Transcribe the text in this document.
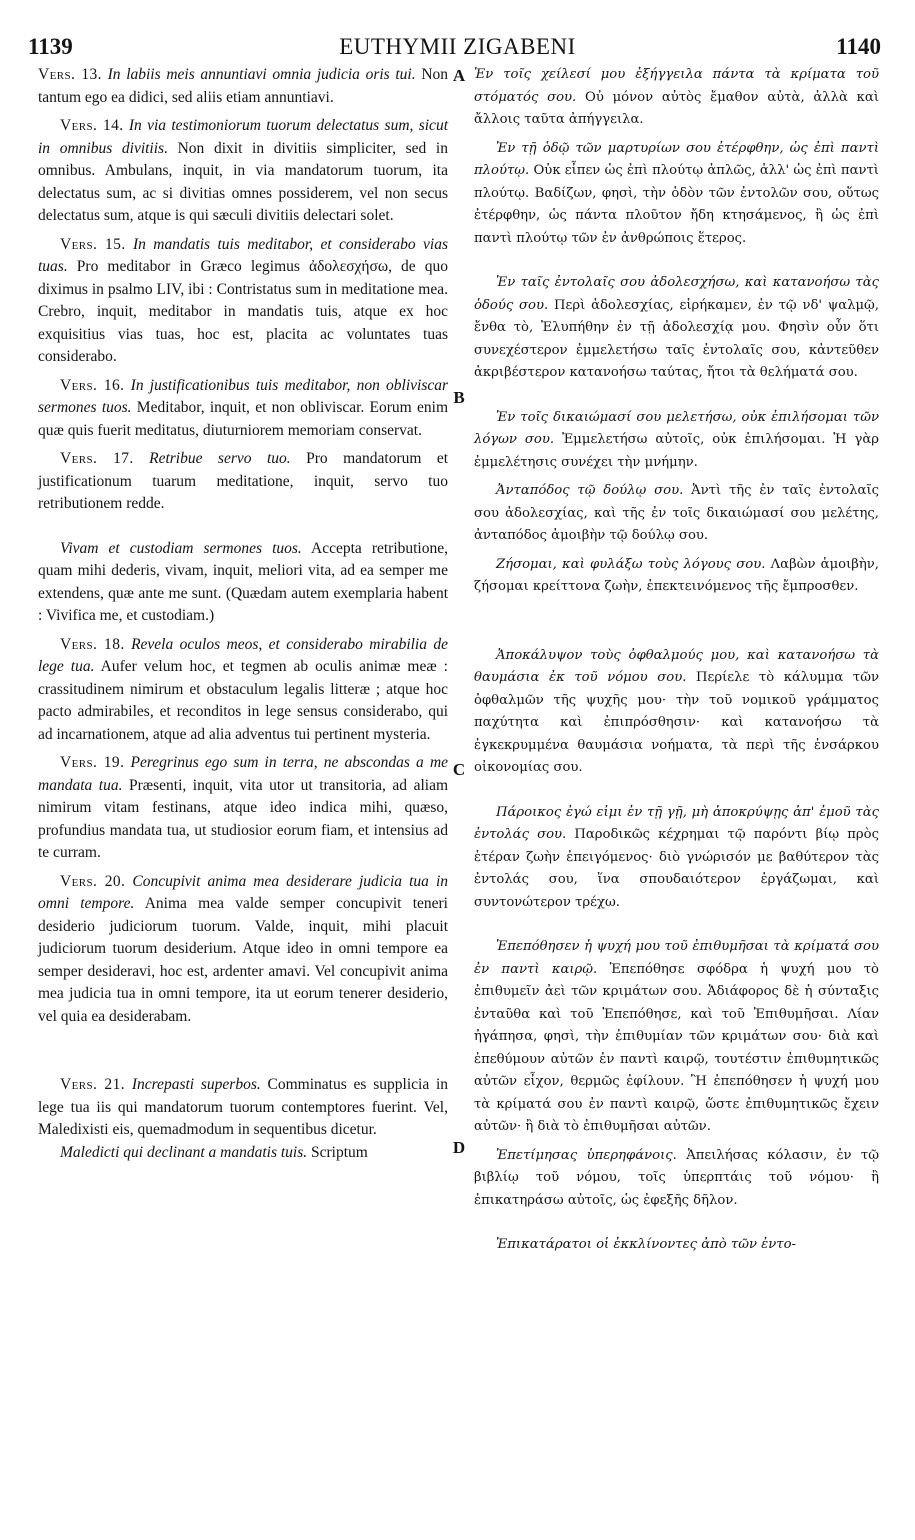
1139	EUTHYMII ZIGABENI	1140
A
B
C
D

Vers. 13. In labiis meis annuntiavi omnia judicia oris tui. Non tantum ego ea didici, sed aliis etiam annuntiavi.

Vers. 14. In via testimoniorum tuorum delectatus sum, sicut in omnibus divitiis. Non dixit in divitiis simpliciter, sed in omnibus. Ambulans, inquit, in via mandatorum tuorum, ita delectatus sum, ac si divitias omnes possiderem, vel non secus delectatus sum, atque is qui sæculi divitiis delectari solet.

Vers. 15. In mandatis tuis meditabor, et considerabo vias tuas. Pro meditabor in Græco legimus ἀδολεσχήσω, de quo diximus in psalmo LIV, ibi : Contristatus sum in meditatione mea. Crebro, inquit, meditabor in mandatis tuis, atque ex hoc exquisitius vias tuas, hoc est, placita ac voluntates tuas considerabo.

Vers. 16. In justificationibus tuis meditabor, non obliviscar sermones tuos. Meditabor, inquit, et non obliviscar. Eorum enim quæ quis fuerit meditatus, diuturniorem memoriam conservat.

Vers. 17. Retribue servo tuo. Pro mandatorum et justificationum tuarum meditatione, inquit, servo tuo retributionem redde.

Vivam et custodiam sermones tuos. Accepta retributione, quam mihi dederis, vivam, inquit, meliori vita, ad ea semper me extendens, quæ ante me sunt. (Quædam autem exemplaria habent : Vivifica me, et custodiam.)

Vers. 18. Revela oculos meos, et considerabo mirabilia de lege tua. Aufer velum hoc, et tegmen ab oculis animæ meæ : crassitudinem nimirum et obstaculum legalis litteræ ; atque hoc pacto admirabiles, et reconditos in lege sensus considerabo, qui ad incarnationem, atque ad alia adventus tui pertinent mysteria.

Vers. 19. Peregrinus ego sum in terra, ne abscondas a me mandata tua. Præsenti, inquit, vita utor ut transitoria, ad aliam nimirum vitam festinans, atque ideo indica mihi, quæso, profundius mandata tua, ut studiosior eorum fiam, et intensius ad te curram.

Vers. 20. Concupivit anima mea desiderare judicia tua in omni tempore. Anima mea valde semper concupivit teneri desiderio judiciorum tuorum. Valde, inquit, mihi placuit judiciorum tuorum desiderium. Atque ideo in omni tempore ea semper desideravi, hoc est, ardenter amavi. Vel concupivit anima mea judicia tua in omni tempore, ita ut eorum tenerer desiderio, vel quia ea desiderabam.

Vers. 21. Increpasti superbos. Comminatus es supplicia in lege tua iis qui mandatorum tuorum contemptores fuerint. Vel, Maledixisti eis, quemadmodum in sequentibus dicetur.

Maledicti qui declinant a mandatis tuis. Scriptum

Ἐν τοῖς χείλεσί μου ἐξήγγειλα πάντα τὰ κρίματα τοῦ στόματός σου. Οὐ μόνον αὐτὸς ἔμαθον αὐτὰ, ἀλλὰ καὶ ἄλλοις ταῦτα ἀπήγγειλα.

Ἐν τῇ ὁδῷ τῶν μαρτυρίων σου ἐτέρφθην, ὡς ἐπὶ παντὶ πλούτῳ. Οὐκ εἶπεν ὡς ἐπὶ πλούτῳ ἁπλῶς, ἀλλ' ὡς ἐπὶ παντὶ πλούτῳ. Βαδίζων, φησὶ, τὴν ὁδὸν τῶν ἐντολῶν σου, οὕτως ἐτέρφθην, ὡς πάντα πλοῦτον ἤδη κτησάμενος, ἢ ὡς ἐπὶ παντὶ πλούτῳ τῶν ἐν ἀνθρώποις ἕτερος.

Ἐν ταῖς ἐντολαῖς σου ἀδολεσχήσω, καὶ κατανοήσω τὰς ὁδούς σου. Περὶ ἀδολεσχίας, εἰρήκαμεν, ἐν τῷ νδ' ψαλμῷ, ἔνθα τὸ, Ἐλυπήθην ἐν τῇ ἀδολεσχίᾳ μου. Φησὶν οὖν ὅτι συνεχέστερον ἐμμελετήσω ταῖς ἐντολαῖς σου, κἀντεῦθεν ἀκριβέστερον κατανοήσω ταύτας, ἤτοι τὰ θελήματά σου.

Ἐν τοῖς δικαιώμασί σου μελετήσω, οὐκ ἐπιλήσομαι τῶν λόγων σου. Ἐμμελετήσω αὐτοῖς, οὐκ ἐπιλήσομαι. Ἡ γὰρ ἐμμελέτησις συνέχει τὴν μνήμην.

Ἀνταπόδος τῷ δούλῳ σου. Ἀντὶ τῆς ἐν ταῖς ἐντολαῖς σου ἀδολεσχίας, καὶ τῆς ἐν τοῖς δικαιώμασί σου μελέτης, ἀνταπόδος ἀμοιβὴν τῷ δούλῳ σου.

Ζήσομαι, καὶ φυλάξω τοὺς λόγους σου. Λαβὼν ἀμοιβὴν, ζήσομαι κρείττονα ζωὴν, ἐπεκτεινόμενος τῆς ἔμπροσθεν.

Ἀποκάλυψον τοὺς ὀφθαλμούς μου, καὶ κατανοήσω τὰ θαυμάσια ἐκ τοῦ νόμου σου. Περίελε τὸ κάλυμμα τῶν ὀφθαλμῶν τῆς ψυχῆς μου· τὴν τοῦ νομικοῦ γράμματος παχύτητα καὶ ἐπιπρόσθησιν· καὶ κατανοήσω τὰ ἐγκεκρυμμένα θαυμάσια νοήματα, τὰ περὶ τῆς ἐνσάρκου οἰκονομίας σου.

Πάροικος ἐγώ εἰμι ἐν τῇ γῇ, μὴ ἀποκρύψῃς ἀπ' ἐμοῦ τὰς ἐντολάς σου. Παροδικῶς κέχρημαι τῷ παρόντι βίῳ πρὸς ἑτέραν ζωὴν ἐπειγόμενος· διὸ γνώρισόν με βαθύτερον τὰς ἐντολάς σου, ἵνα σπουδαιότερον ἐργάζωμαι, καὶ συντονώτερον τρέχω.

Ἐπεπόθησεν ἡ ψυχή μου τοῦ ἐπιθυμῆσαι τὰ κρίματά σου ἐν παντὶ καιρῷ. Ἐπεπόθησε σφόδρα ἡ ψυχή μου τὸ ἐπιθυμεῖν ἀεὶ τῶν κριμάτων σου. Ἀδιάφορος δὲ ἡ σύνταξις ἐνταῦθα καὶ τοῦ Ἐπεπόθησε, καὶ τοῦ Ἐπιθυμῆσαι. Λίαν ἠγάπησα, φησὶ, τὴν ἐπιθυμίαν τῶν κριμάτων σου· διὰ καὶ ἐπεθύμουν αὐτῶν ἐν παντὶ καιρῷ, τουτέστιν ἐπιθυμητικῶς αὐτῶν εἶχον, θερμῶς ἐφίλουν. Ἢ ἐπεπόθησεν ἡ ψυχή μου τὰ κρίματά σου ἐν παντὶ καιρῷ, ὥστε ἐπιθυμητικῶς ἔχειν αὐτῶν· ἢ διὰ τὸ ἐπιθυμῆσαι αὐτῶν.

Ἐπετίμησας ὑπερηφάνοις. Ἀπειλήσας κόλασιν, ἐν τῷ βιβλίῳ τοῦ νόμου, τοῖς ὑπερπτάις τοῦ νόμου· ἢ ἐπικατηράσω αὐτοῖς, ὡς ἐφεξῆς δῆλον.

Ἐπικατάρατοι οἱ ἐκκλίνοντες ἀπὸ τῶν ἐντο-
